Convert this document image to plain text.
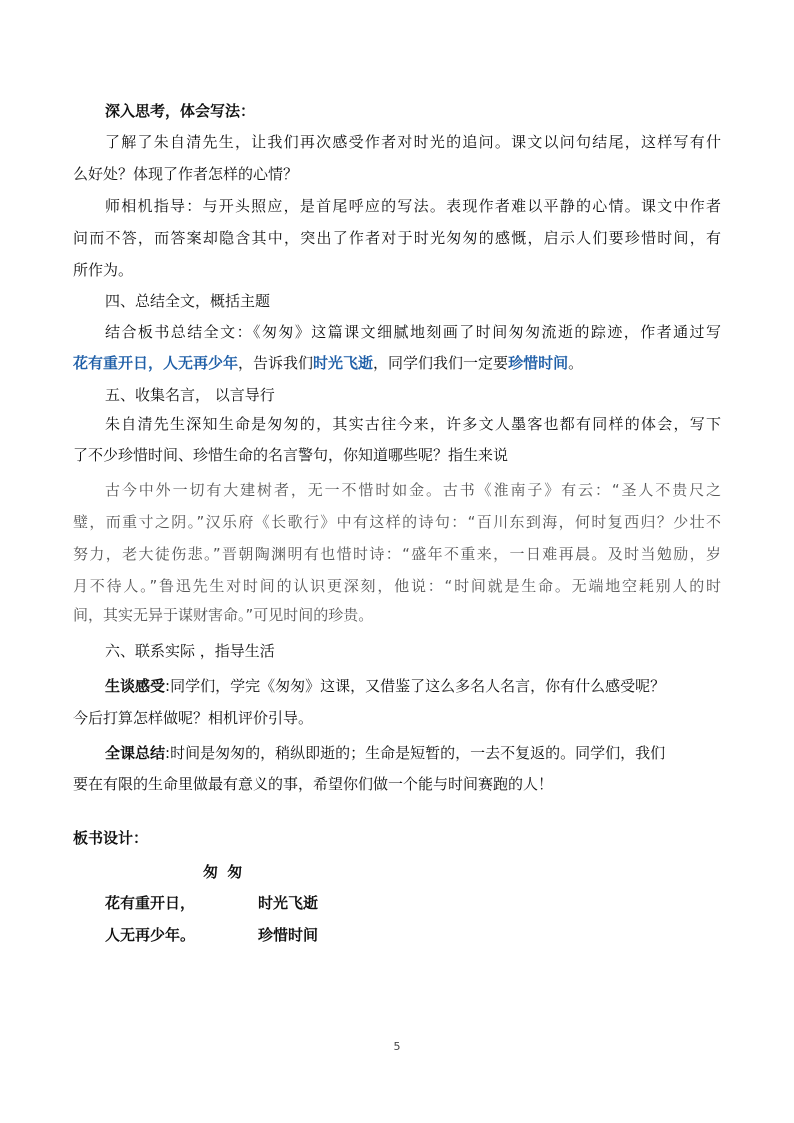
深入思考，体会写法：
了解了朱自清先生，让我们再次感受作者对时光的追问。课文以问句结尾，这样写有什
么好处？体现了作者怎样的心情？
师相机指导：与开头照应，是首尾呼应的写法。表现作者难以平静的心情。课文中作者
问而不答，而答案却隐含其中，突出了作者对于时光匆匆的感慨，启示人们要珍惜时间，有
所作为。
四、总结全文，概括主题
结合板书总结全文：《匆匆》这篇课文细腻地刻画了时间匆匆流逝的踪迹，作者通过写
花有重开日，人无再少年，告诉我们时光飞逝，同学们我们一定要珍惜时间。
五、收集名言， 以言导行
朱自清先生深知生命是匆匆的，其实古往今来，许多文人墨客也都有同样的体会，写下
了不少珍惜时间、珍惜生命的名言警句，你知道哪些呢？指生来说
古今中外一切有大建树者，无一不惜时如金。古书《淮南子》有云：“圣人不贵尺之
璧，而重寸之阴。”汉乐府《长歌行》中有这样的诗句：“百川东到海，何时复西归？少壮不
努力，老大徒伤悲。”晋朝陶渊明有也惜时诗：“盛年不重来，一日难再晨。及时当勉励，岁
月不待人。”鲁迅先生对时间的认识更深刻，他说：“时间就是生命。无端地空耗别人的时
间，其实无异于谋财害命。”可见时间的珍贵。
六、联系实际 ，指导生活
生谈感受:同学们，学完《匆匆》这课，又借鉴了这么多名人名言，你有什么感受呢？
今后打算怎样做呢？相机评价引导。
全课总结:时间是匆匆的，稍纵即逝的；生命是短暂的，一去不复返的。同学们，我们
要在有限的生命里做最有意义的事，希望你们做一个能与时间赛跑的人！
板书设计：
匆 匆
花有重开日，	时光飞逝
人无再少年。	珍惜时间
5
